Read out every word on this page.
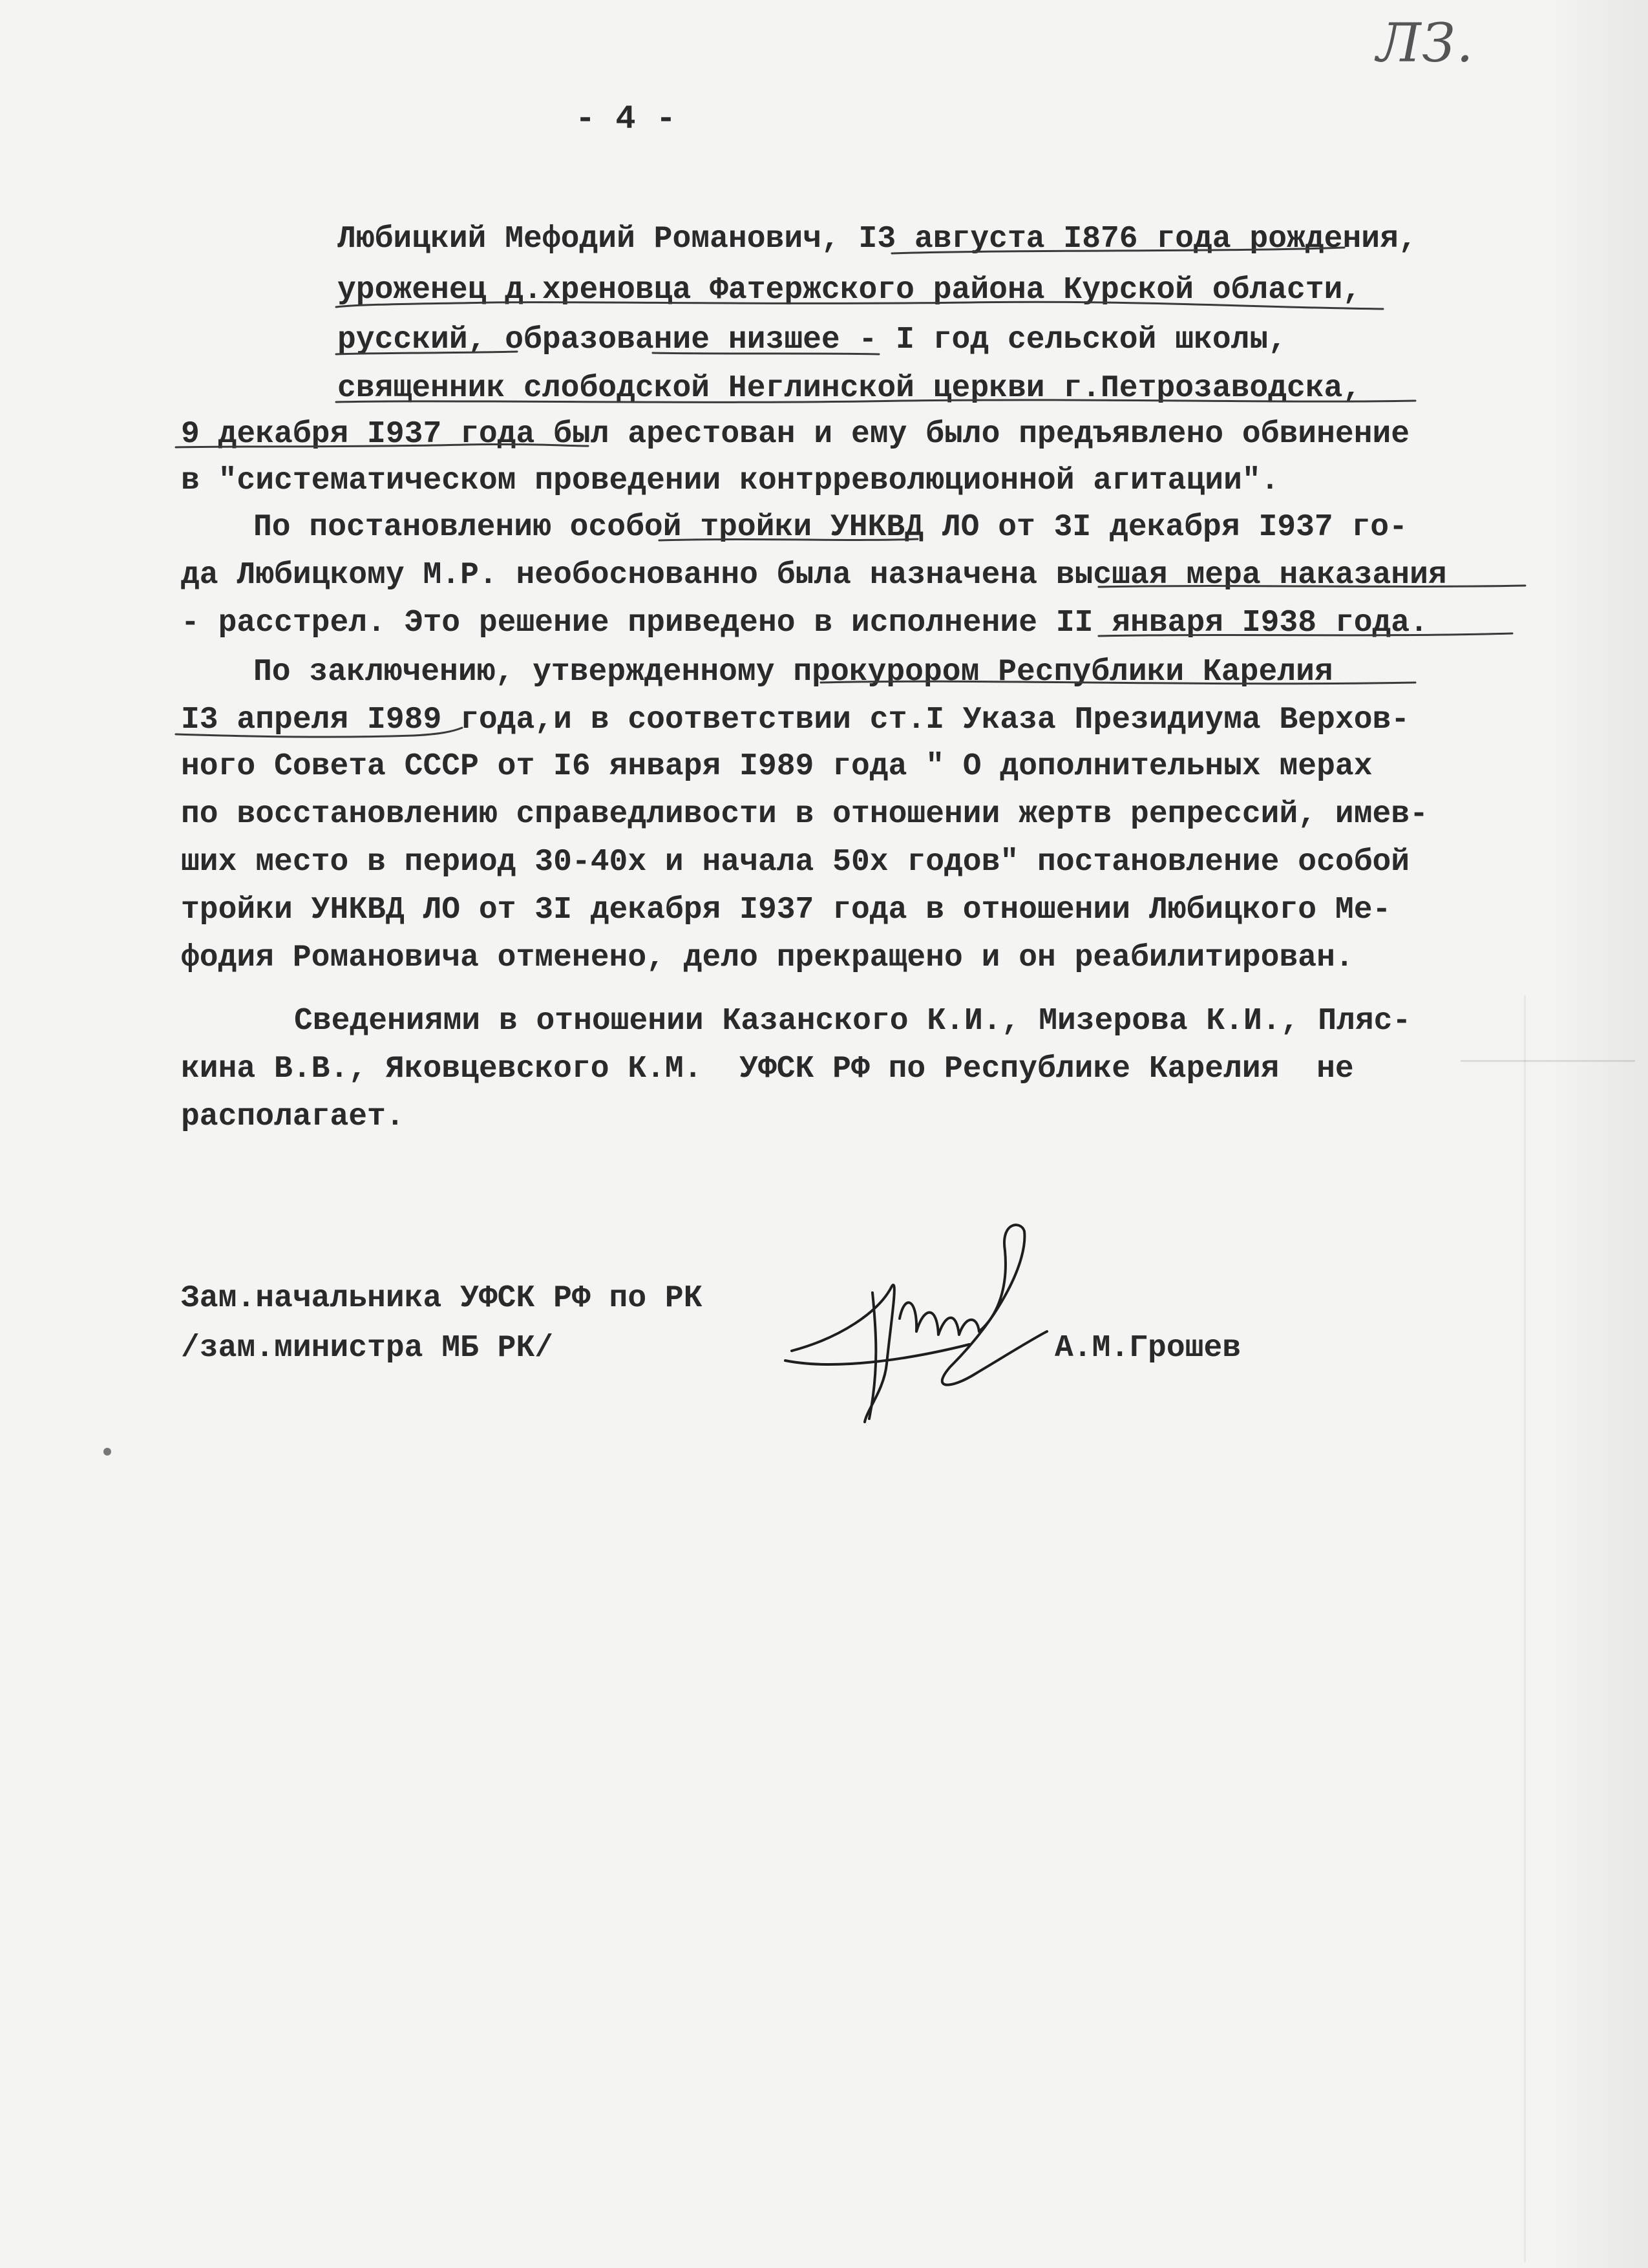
ЛЗ.
- 4 -
Любицкий Мефодий Романович, I3 августа I876 года рождения,
уроженец д.хреновца Фатержского района Курской области,
русский, образование низшее - I год сельской школы,
священник слободской Неглинской церкви г.Петрозаводска,
9 декабря I937 года был арестован и ему было предъявлено обвинение
в "систематическом проведении контрреволюционной агитации".
По постановлению особой тройки УНКВД ЛО от 3I декабря I937 го-
да Любицкому М.Р. необоснованно была назначена высшая мера наказания
- расстрел. Это решение приведено в исполнение II января I938 года.
По заключению, утвержденному прокурором Республики Карелия
I3 апреля I989 года,и в соответствии ст.I Указа Президиума Верхов-
ного Совета СССР от I6 января I989 года " О дополнительных мерах
по восстановлению справедливости в отношении жертв репрессий, имев-
ших место в период 30-40х и начала 50х годов" постановление особой
тройки УНКВД ЛО от 3I декабря I937 года в отношении Любицкого Ме-
фодия Романовича отменено, дело прекращено и он реабилитирован.
Сведениями в отношении Казанского К.И., Мизерова К.И., Пляс-
кина В.В., Яковцевского К.М.  УФСК РФ по Республике Карелия  не
располагает.
Зам.начальника УФСК РФ по РК
/зам.министра МБ РК/	А.М.Грошев
